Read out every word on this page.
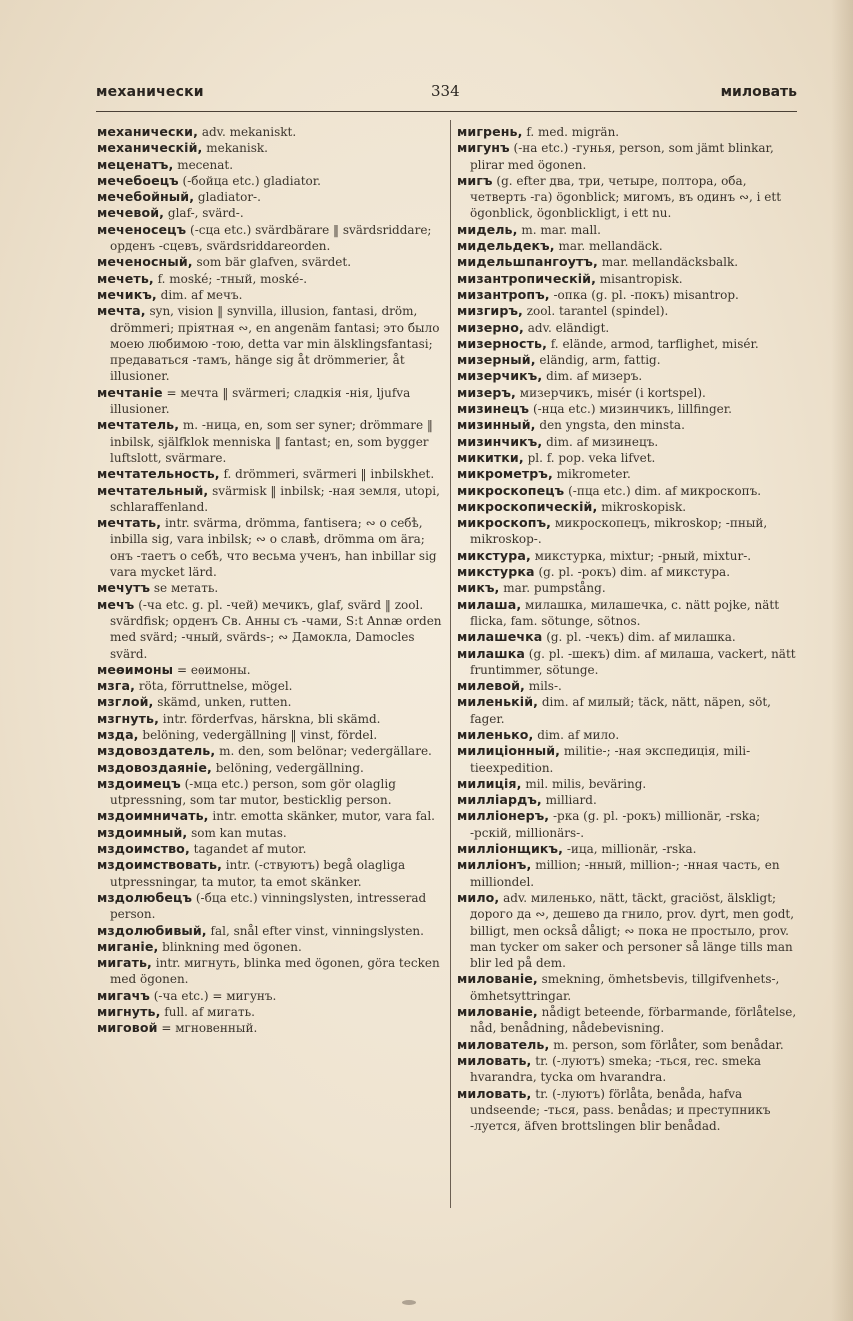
механически	334	миловать

механически, adv. mekaniskt.

механическій, mekanisk.

меценатъ, mecenat.

мечебоецъ (-бойца etc.) gladiator.

мечебойный, gladiator-.

мечевой, glaf-, svärd-.

меченосецъ (-сца etc.) svärdbärare ‖ svärdsriddare; орденъ -сцевъ, svärdsriddareorden.

меченосный, som bär glafven, svärdet.

мечеть, f. moské; -тный, moské-.

мечикъ, dim. af мечъ.

мечта, syn, vision ‖ synvilla, illusion, fantasi, dröm, drömmeri; пріятная ∾, en angenäm fantasi; это было моею любимою -тою, detta var min älsklingsfantasi; предаваться -тамъ, hänge sig åt drömmerier, åt illusioner.

мечтаніе = мечта ‖ svärmeri; сладкія -нія, ljufva illusioner.

мечтатель, m. -ница, en, som ser syner; drömmare ‖ inbilsk, själfklok menniska ‖ fantast; en, som bygger luftslott, svärmare.

мечтательность, f. drömmeri, svärmeri ‖ inbilskhet.

мечтательный, svärmisk ‖ inbilsk; -ная земля, utopi, schlaraffenland.

мечтать, intr. svärma, drömma, fantisera; ∾ о себѣ, inbilla sig, vara inbilsk; ∾ о славѣ, drömma om ära; онъ -таетъ о себѣ, что весьма ученъ, han inbillar sig vara mycket lärd.

мечутъ se метать.

мечъ (-ча etc. g. pl. -чей) мечикъ, glaf, svärd ‖ zool. svärdfisk; орденъ Св. Анны съ -чами, S:t Annæ orden med svärd; -чный, svärds-; ∾ Дамокла, Damocles svärd.

меѳимоны = еѳимоны.

мзга, röta, förruttnelse, mögel.

мзглой, skämd, unken, rutten.

мзгнуть, intr. förderfvas, härskna, bli skämd.

мзда, belöning, vedergällning ‖ vinst, fördel.

мздовоздатель, m. den, som belönar; vedergällare.

мздовоздаяніе, belöning, vedergällning.

мздоимецъ (-мца etc.) person, som gör olaglig utpressning, som tar mutor, besticklig person.

мздоимничать, intr. emotta skänker, mutor, vara fal.

мздоимный, som kan mutas.

мздоимство, tagandet af mutor.

мздоимствовать, intr. (-ствуютъ) begå olagliga utpressningar, ta mutor, ta emot skänker.

мздолюбецъ (-бца etc.) vinningslysten, intresserad person.

мздолюбивый, fal, snål efter vinst, vinningslysten.

миганіе, blinkning med ögonen.

мигать, intr. мигнуть, blinka med ögonen, göra tecken med ögonen.

мигачъ (-ча etc.) = мигунъ.

мигнуть, full. af мигать.

миговой = мгновенный.

мигрень, f. med. migrän.

мигунъ (-на etc.) -гунья, person, som jämt blinkar, plirar med ögonen.

мигъ (g. efter два, три, четыре, полтора, оба, четверть -га) ögonblick; мигомъ, въ одинъ ∾, i ett ögonblick, ögonblickligt, i ett nu.

мидель, m. mar. mall.

мидельдекъ, mar. mellandäck.

мидельшпангоутъ, mar. mellandäcksbalk.

мизантропическій, misantropisk.

мизантропъ, -опка (g. pl. -покъ) misantrop.

мизгиръ, zool. tarantel (spindel).

мизерно, adv. eländigt.

мизерность, f. elände, armod, tarflighet, misér.

мизерный, eländig, arm, fattig.

мизерчикъ, dim. af мизеръ.

мизеръ, мизерчикъ, misér (i kortspel).

мизинецъ (-нца etc.) мизинчикъ, lillfinger.

мизинный, den yngsta, den minsta.

мизинчикъ, dim. af мизинецъ.

микитки, pl. f. pop. veka lifvet.

микрометръ, mikrometer.

микроскопецъ (-пца etc.) dim. af микроскопъ.

микроскопическій, mikroskopisk.

микроскопъ, микроскопецъ, mikroskop; -пный, mikroskop-.

микстура, микстурка, mixtur; -рный, mixtur-.

микстурка (g. pl. -рокъ) dim. af микстура.

микъ, mar. pumpstång.

милаша, милашка, милашечка, c. nätt pojke, nätt flicka, fam. sötunge, sötnos.

милашечка (g. pl. -чекъ) dim. af милашка.

милашка (g. pl. -шекъ) dim. af милаша, vackert, nätt fruntimmer, sötunge.

милевой, mils-.

миленькій, dim. af милый; täck, nätt, näpen, söt, fager.

миленько, dim. af мило.

милиціонный, militie-; -ная экспедиція, militieexpedition.

милиція, mil. milis, beväring.

милліардъ, milliard.

милліонеръ, -рка (g. pl. -рокъ) millionär, -rska; -рскій, millionärs-.

милліонщикъ, -ица, millionär, -rska.

милліонъ, million; -нный, million-; -нная часть, en milliondel.

мило, adv. миленько, nätt, täckt, graciöst, älskligt; дорого да ∾, дешево да гнило, prov. dyrt, men godt, billigt, men också dåligt; ∾ пока не простыло, prov. man tycker om saker och personer så länge tills man blir led på dem.

милованіе, smekning, ömhetsbevis, tillgifvenhets-, ömhetsyttringar.

милованіе, nådigt beteende, förbarmande, förlåtelse, nåd, benådning, nådebevisning.

милователь, m. person, som förlåter, som benådar.

миловать, tr. (-луютъ) smeka; -ться, rec. smeka hvarandra, tycka om hvarandra.

миловать, tr. (-луютъ) förlåta, benåda, hafva undseende; -ться, pass. benådas; и преступникъ -луется, äfven brottslingen blir benådad.
